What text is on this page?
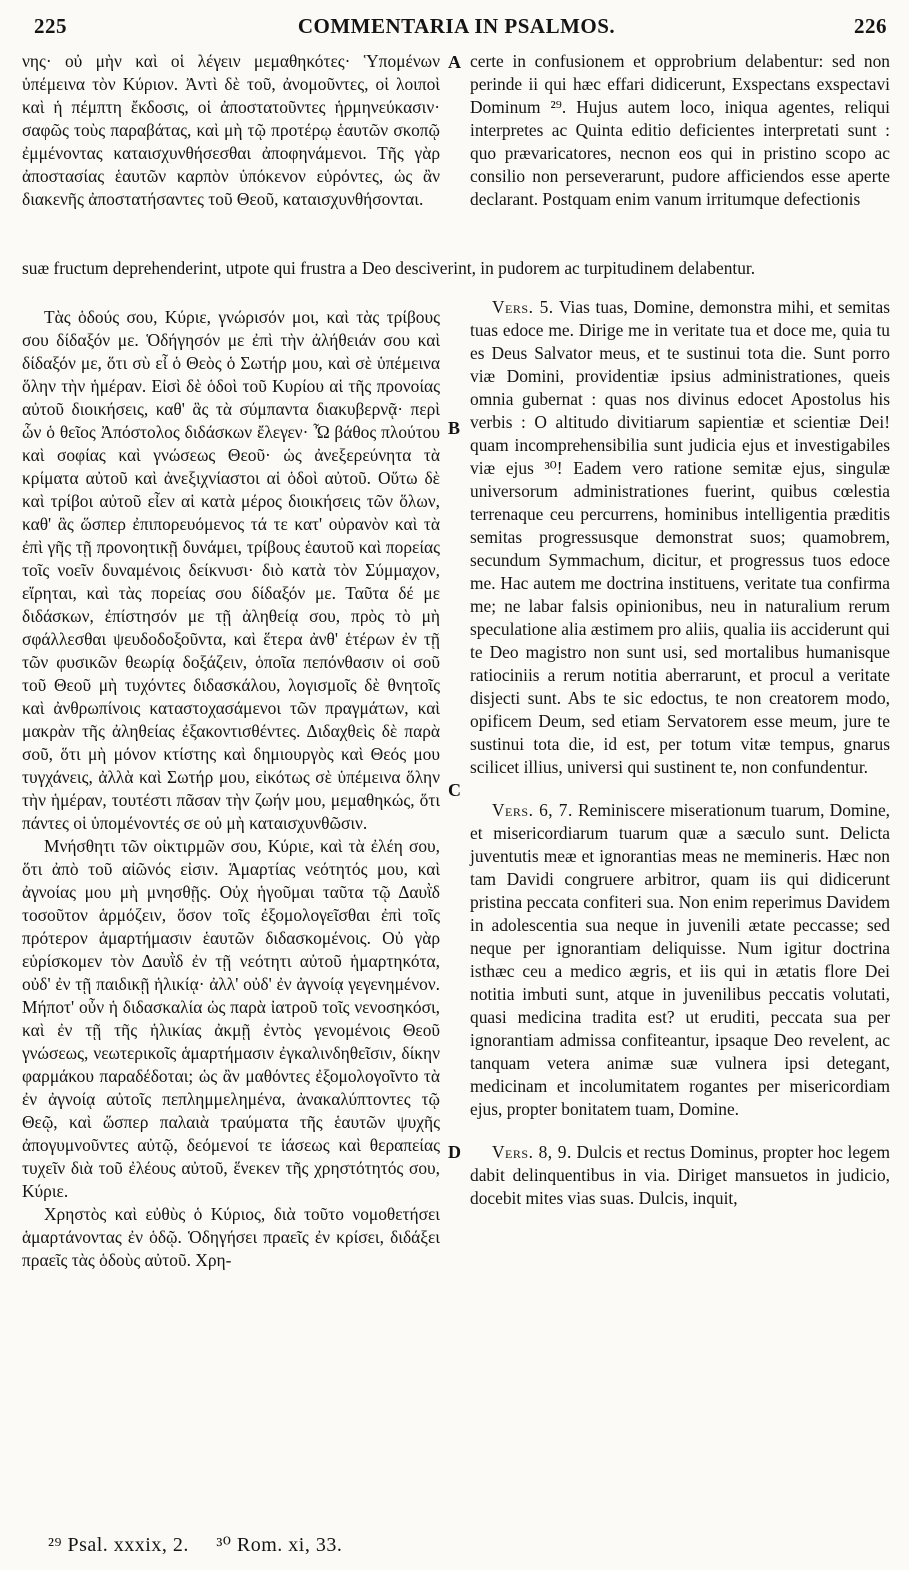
225	COMMENTARIA IN PSALMOS.	226

νης· οὐ μὴν καὶ οἱ λέγειν μεμαθηκότες· Ὑπομένων ὑπέμεινα τὸν Κύριον. Ἀντὶ δὲ τοῦ, ἀνομοῦντες, οἱ λοιποὶ καὶ ἡ πέμπτη ἔκδοσις, οἱ ἀποστατοῦντες ἡρμηνεύκασιν· σαφῶς τοὺς παραβάτας, καὶ μὴ τῷ προτέρῳ ἑαυτῶν σκοπῷ ἐμμένοντας καταισχυνθήσεσθαι ἀποφηνάμενοι. Τῆς γὰρ ἀποστασίας ἑαυτῶν καρπὸν ὑπόκενον εὑρόντες, ὡς ἂν διακενῆς ἀποστατήσαντες τοῦ Θεοῦ, καταισχυνθήσονται.

certe in confusionem et opprobrium delabentur: sed non perinde ii qui hæc effari didicerunt, Exspectans exspectavi Dominum ²⁹. Hujus autem loco, iniqua agentes, reliqui interpretes ac Quinta editio deficientes interpretati sunt : quo prævaricatores, necnon eos qui in pristino scopo ac consilio non perseverarunt, pudore afficiendos esse aperte declarant. Postquam enim vanum irritumque defectionis

A

suæ fructum deprehenderint, utpote qui frustra a Deo desciverint, in pudorem ac turpitudinem delabentur.

Τὰς ὁδούς σου, Κύριε, γνώρισόν μοι, καὶ τὰς τρίβους σου δίδαξόν με. Ὁδήγησόν με ἐπὶ τὴν ἀλήθειάν σου καὶ δίδαξόν με, ὅτι σὺ εἶ ὁ Θεὸς ὁ Σωτήρ μου, καὶ σὲ ὑπέμεινα ὅλην τὴν ἡμέραν. Εἰσὶ δὲ ὁδοὶ τοῦ Κυρίου αἱ τῆς προνοίας αὐτοῦ διοικήσεις, καθ' ἃς τὰ σύμπαντα διακυβερνᾷ· περὶ ὧν ὁ θεῖος Ἀπόστολος διδάσκων ἔλεγεν· Ὦ βάθος πλούτου καὶ σοφίας καὶ γνώσεως Θεοῦ· ὡς ἀνεξερεύνητα τὰ κρίματα αὐτοῦ καὶ ἀνεξιχνίαστοι αἱ ὁδοὶ αὐτοῦ. Οὕτω δὲ καὶ τρίβοι αὐτοῦ εἶεν αἱ κατὰ μέρος διοικήσεις τῶν ὅλων, καθ' ἃς ὥσπερ ἐπιπορευόμενος τά τε κατ' οὐρανὸν καὶ τὰ ἐπὶ γῆς τῇ προνοητικῇ δυνάμει, τρίβους ἑαυτοῦ καὶ πορείας τοῖς νοεῖν δυναμένοις δείκνυσι· διὸ κατὰ τὸν Σύμμαχον, εἴρηται, καὶ τὰς πορείας σου δίδαξόν με. Ταῦτα δέ με διδάσκων, ἐπίστησόν με τῇ ἀληθείᾳ σου, πρὸς τὸ μὴ σφάλλεσθαι ψευδοδοξοῦντα, καὶ ἕτερα ἀνθ' ἑτέρων ἐν τῇ τῶν φυσικῶν θεωρίᾳ δοξάζειν, ὁποῖα πεπόνθασιν οἱ σοῦ τοῦ Θεοῦ μὴ τυχόντες διδασκάλου, λογισμοῖς δὲ θνητοῖς καὶ ἀνθρωπίνοις καταστοχασάμενοι τῶν πραγμάτων, καὶ μακρὰν τῆς ἀληθείας ἐξακοντισθέντες. Διδαχθεὶς δὲ παρὰ σοῦ, ὅτι μὴ μόνον κτίστης καὶ δημιουργὸς καὶ Θεός μου τυγχάνεις, ἀλλὰ καὶ Σωτήρ μου, εἰκότως σὲ ὑπέμεινα ὅλην τὴν ἡμέραν, τουτέστι πᾶσαν τὴν ζωήν μου, μεμαθηκώς, ὅτι πάντες οἱ ὑπομένοντές σε οὐ μὴ καταισχυνθῶσιν.

Μνήσθητι τῶν οἰκτιρμῶν σου, Κύριε, καὶ τὰ ἐλέη σου, ὅτι ἀπὸ τοῦ αἰῶνός εἰσιν. Ἁμαρτίας νεότητός μου, καὶ ἀγνοίας μου μὴ μνησθῇς. Οὐχ ἡγοῦμαι ταῦτα τῷ Δαυῒδ τοσοῦτον ἁρμόζειν, ὅσον τοῖς ἐξομολογεῖσθαι ἐπὶ τοῖς πρότερον ἁμαρτήμασιν ἑαυτῶν διδασκομένοις. Οὐ γὰρ εὑρίσκομεν τὸν Δαυῒδ ἐν τῇ νεότητι αὐτοῦ ἡμαρτηκότα, οὐδ' ἐν τῇ παιδικῇ ἡλικίᾳ· ἀλλ' οὐδ' ἐν ἀγνοίᾳ γεγενημένον. Μήποτ' οὖν ἡ διδασκαλία ὡς παρὰ ἰατροῦ τοῖς νενοσηκόσι, καὶ ἐν τῇ τῆς ἡλικίας ἀκμῇ ἐντὸς γενομένοις Θεοῦ γνώσεως, νεωτερικοῖς ἁμαρτήμασιν ἐγκαλινδηθεῖσιν, δίκην φαρμάκου παραδέδοται; ὡς ἂν μαθόντες ἐξομολογοῖντο τὰ ἐν ἀγνοίᾳ αὐτοῖς πεπλημμελημένα, ἀνακαλύπτοντες τῷ Θεῷ, καὶ ὥσπερ παλαιὰ τραύματα τῆς ἑαυτῶν ψυχῆς ἀπογυμνοῦντες αὐτῷ, δεόμενοί τε ἰάσεως καὶ θεραπείας τυχεῖν διὰ τοῦ ἐλέους αὐτοῦ, ἕνεκεν τῆς χρηστότητός σου, Κύριε.

Χρηστὸς καὶ εὐθὺς ὁ Κύριος, διὰ τοῦτο νομοθετήσει ἁμαρτάνοντας ἐν ὁδῷ. Ὁδηγήσει πραεῖς ἐν κρίσει, διδάξει πραεῖς τὰς ὁδοὺς αὐτοῦ. Χρη-

Vers. 5. Vias tuas, Domine, demonstra mihi, et semitas tuas edoce me. Dirige me in veritate tua et doce me, quia tu es Deus Salvator meus, et te sustinui tota die. Sunt porro viæ Domini, providentiæ ipsius administrationes, queis omnia gubernat : quas nos divinus edocet Apostolus his verbis : O altitudo divitiarum sapientiæ et scientiæ Dei! quam incomprehensibilia sunt judicia ejus et investigabiles viæ ejus ³⁰! Eadem vero ratione semitæ ejus, singulæ universorum administrationes fuerint, quibus cœlestia terrenaque ceu percurrens, hominibus intelligentia præditis semitas progressusque demonstrat suos; quamobrem, secundum Symmachum, dicitur, et progressus tuos edoce me. Hac autem me doctrina instituens, veritate tua confirma me; ne labar falsis opinionibus, neu in naturalium rerum speculatione alia æstimem pro aliis, qualia iis acciderunt qui te Deo magistro non sunt usi, sed mortalibus humanisque ratiociniis a rerum notitia aberrarunt, et procul a veritate disjecti sunt. Abs te sic edoctus, te non creatorem modo, opificem Deum, sed etiam Servatorem esse meum, jure te sustinui tota die, id est, per totum vitæ tempus, gnarus scilicet illius, universi qui sustinent te, non confundentur.

Vers. 6, 7. Reminiscere miserationum tuarum, Domine, et misericordiarum tuarum quæ a sæculo sunt. Delicta juventutis meæ et ignorantias meas ne memineris. Hæc non tam Davidi congruere arbitror, quam iis qui didicerunt pristina peccata confiteri sua. Non enim reperimus Davidem in adolescentia sua neque in juvenili ætate peccasse; sed neque per ignorantiam deliquisse. Num igitur doctrina isthæc ceu a medico ægris, et iis qui in ætatis flore Dei notitia imbuti sunt, atque in juvenilibus peccatis volutati, quasi medicina tradita est? ut eruditi, peccata sua per ignorantiam admissa confiteantur, ipsaque Deo revelent, ac tanquam vetera animæ suæ vulnera ipsi detegant, medicinam et incolumitatem rogantes per misericordiam ejus, propter bonitatem tuam, Domine.

Vers. 8, 9. Dulcis et rectus Dominus, propter hoc legem dabit delinquentibus in via. Diriget mansuetos in judicio, docebit mites vias suas. Dulcis, inquit,

B
C
D
²⁹ Psal. xxxix, 2. ³⁰ Rom. xi, 33.
